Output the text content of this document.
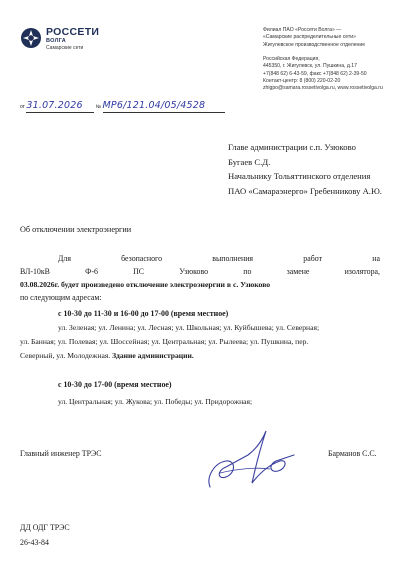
РОССЕТИ
ВОЛГА
Самарские сети
Филиал ПАО «Россети Волга» —
«Самарские распределительные сети»
Жигулевское производственное отделение
Российская Федерация,
445350, г. Жигулевск, ул. Пушкина, д.17
+7(848 62) 6-43-59, факс +7(848 62) 2-39-50
Контакт-центр: 8 (800) 220-02-20
zhigpo@samara.rossetivolga.ru, www.rossetivolga.ru
от 31.07.2026	№ МР6/121.04/05/4528
Главе администрации с.п. Узюково
Бугаев С.Д.
Начальнику Тольяттинского отделения
ПАО «Самараэнерго» Гребенникову А.Ю.
Об отключении электроэнергии
Для	безопасного	выполнения	работ	на
ВЛ-10кВ	Ф-6	ПС	Узюково	по	замене	изолятора,
03.08.2026г. будет произведено отключение электроэнергии в с. Узюково
по следующим адресам:
с 10-30 до 11-30 и 16-00 до 17-00 (время местное)
ул. Зеленая; ул. Ленина; ул. Лесная; ул. Школьная; ул. Куйбышева; ул. Северная;
ул. Банная; ул. Полевая; ул. Шоссейная; ул. Центральная; ул. Рылеева; ул. Пушкина, пер.
Северный, ул. Молодежная. Здание администрации.
с 10-30 до 17-00 (время местное)
ул. Центральная; ул. Жукова; ул. Победы; ул. Придорожная;
Главный инженер ТРЭС	Барманов С.С.
ДД ОДГ ТРЭС
26-43-84
